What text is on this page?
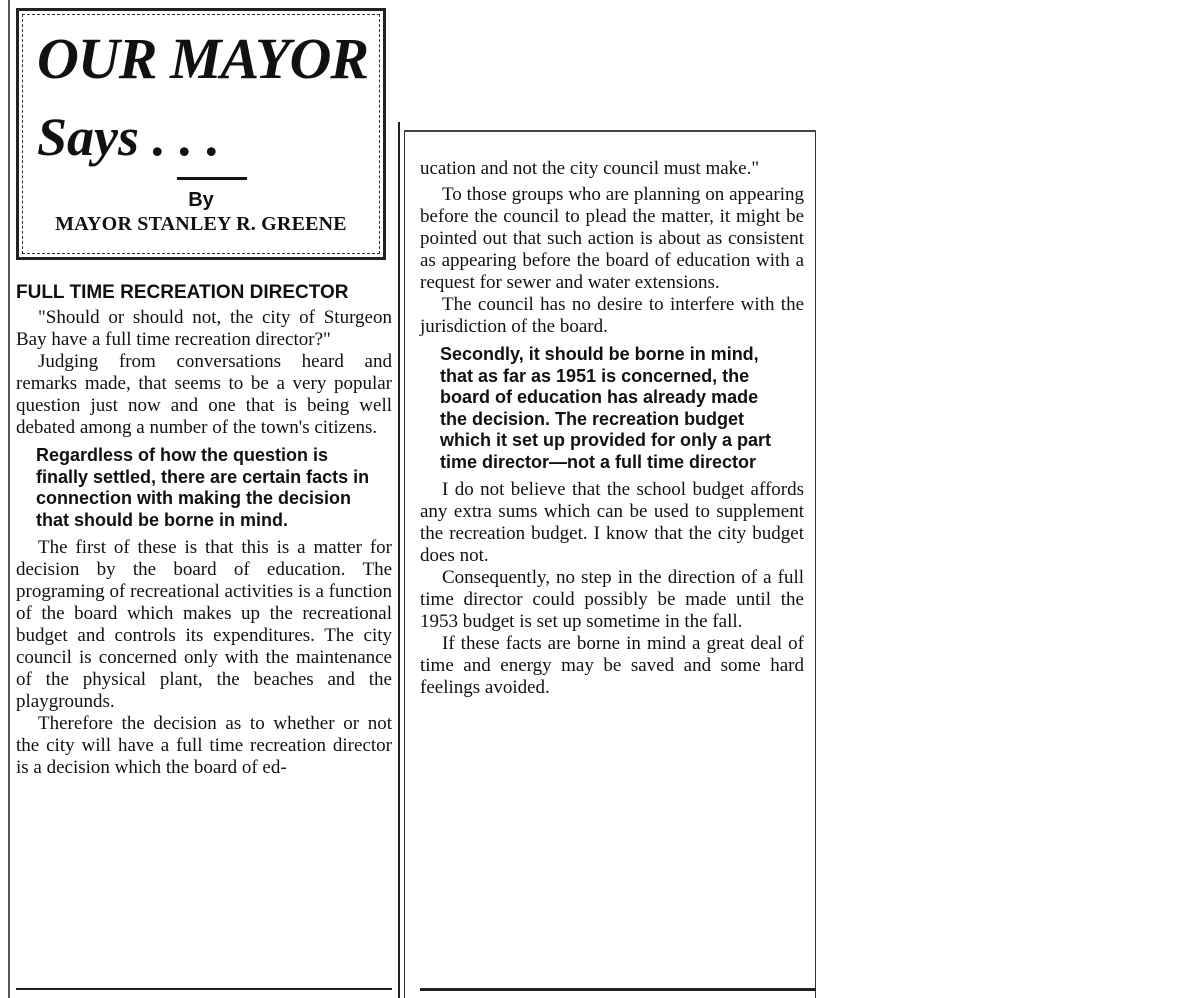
OUR MAYOR
Says . . .
By
MAYOR STANLEY R. GREENE
FULL TIME RECREATION DIRECTOR

"Should or should not, the city of Sturgeon Bay have a full time recreation director?"

Judging from conversations heard and remarks made, that seems to be a very popular question just now and one that is being well debated among a number of the town's citizens.

Regardless of how the question is finally settled, there are certain facts in connection with making the decision that should be borne in mind.

The first of these is that this is a matter for decision by the board of education. The programing of recreational activities is a function of the board which makes up the recreational budget and controls its expenditures. The city council is concerned only with the maintenance of the physical plant, the beaches and the playgrounds.

Therefore the decision as to whether or not the city will have a full time recreation director is a decision which the board of ed-

ucation and not the city council must make."

To those groups who are planning on appearing before the council to plead the matter, it might be pointed out that such action is about as consistent as appearing before the board of education with a request for sewer and water extensions.

The council has no desire to interfere with the jurisdiction of the board.

Secondly, it should be borne in mind, that as far as 1951 is concerned, the board of education has already made the decision. The recreation budget which it set up provided for only a part time director—not a full time director

I do not believe that the school budget affords any extra sums which can be used to supplement the recreation budget. I know that the city budget does not.

Consequently, no step in the direction of a full time director could possibly be made until the 1953 budget is set up sometime in the fall.

If these facts are borne in mind a great deal of time and energy may be saved and some hard feelings avoided.
